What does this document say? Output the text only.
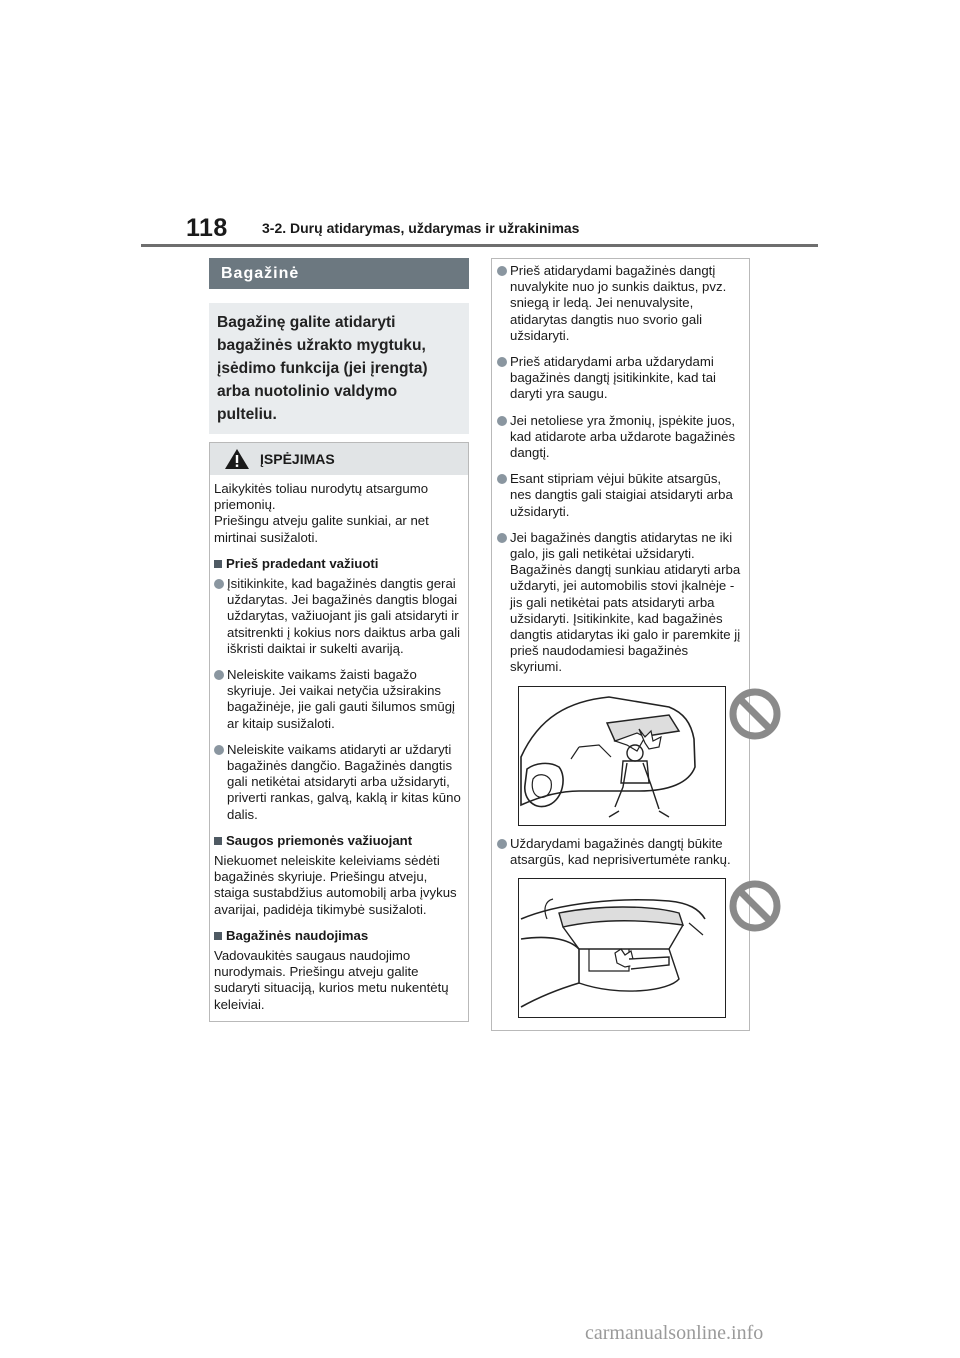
118 3-2. Durų atidarymas, uždarymas ir užrakinimas
Bagažinė
Bagažinę galite atidaryti bagažinės užrakto mygtuku, įsėdimo funkcija (jei įrengta) arba nuotolinio valdymo pulteliu.
ĮSPĖJIMAS
Laikykitės toliau nurodytų atsargumo priemonių.
Priešingu atveju galite sunkiai, ar net mirtinai susižaloti.
Prieš pradedant važiuoti
Įsitikinkite, kad bagažinės dangtis gerai uždarytas. Jei bagažinės dangtis blogai uždarytas, važiuojant jis gali atsidaryti ir atsitrenkti į kokius nors daiktus arba gali iškristi daiktai ir sukelti avariją.
Neleiskite vaikams žaisti bagažo skyriuje. Jei vaikai netyčia užsirakins bagažinėje, jie gali gauti šilumos smūgį ar kitaip susižaloti.
Neleiskite vaikams atidaryti ar uždaryti bagažinės dangčio. Bagažinės dangtis gali netikėtai atsidaryti arba užsidaryti, priverti rankas, galvą, kaklą ir kitas kūno dalis.
Saugos priemonės važiuojant
Niekuomet neleiskite keleiviams sėdėti bagažinės skyriuje. Priešingu atveju, staiga sustabdžius automobilį arba įvykus avarijai, padidėja tikimybė susižaloti.
Bagažinės naudojimas
Vadovaukitės saugaus naudojimo nurodymais. Priešingu atveju galite sudaryti situaciją, kurios metu nukentėtų keleiviai.
Prieš atidarydami bagažinės dangtį nuvalykite nuo jo sunkis daiktus, pvz. sniegą ir ledą. Jei nenuvalysite, atidarytas dangtis nuo svorio gali užsidaryti.
Prieš atidarydami arba uždarydami bagažinės dangtį įsitikinkite, kad tai daryti yra saugu.
Jei netoliese yra žmonių, įspėkite juos, kad atidarote arba uždarote bagažinės dangtį.
Esant stipriam vėjui būkite atsargūs, nes dangtis gali staigiai atsidaryti arba užsidaryti.
Jei bagažinės dangtis atidarytas ne iki galo, jis gali netikėtai užsidaryti. Bagažinės dangtį sunkiau atidaryti arba uždaryti, jei automobilis stovi įkalnėje - jis gali netikėtai pats atsidaryti arba užsidaryti. Įsitikinkite, kad bagažinės dangtis atidarytas iki galo ir paremkite jį prieš naudodamiesi bagažinės skyriumi.
Uždarydami bagažinės dangtį būkite atsargūs, kad neprisivertumėte rankų.
carmanualsonline.info
